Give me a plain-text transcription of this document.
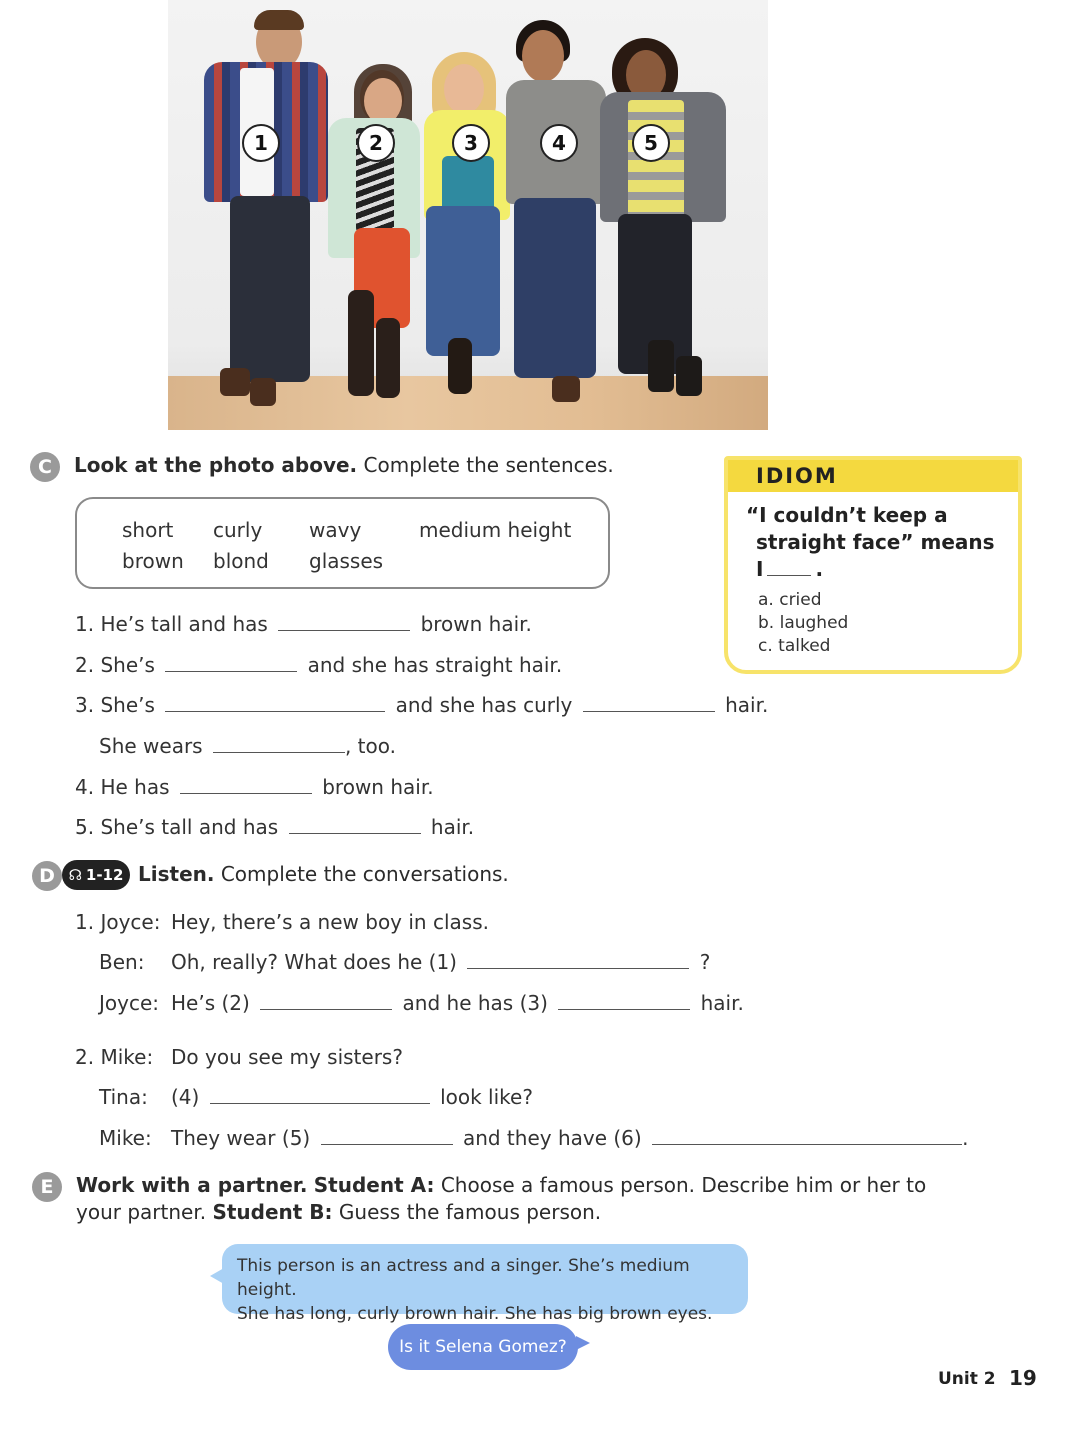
1	2	3	4	5
C	Look at the photo above. Complete the sentences.
short curly wavy	medium height
brown blond glasses
1. He’s tall and has	brown hair.
2. She’s	and she has straight hair.
3. She’s	and she has curly	hair.
She wears	, too.
4. He has	brown hair.
5. She’s tall and has	hair.
IDIOM
“I couldn’t keep a
straight face” means
I	.
a. cried
b. laughed
c. talked
D ☊ 1-12 Listen. Complete the conversations.
1. Joyce: Hey, there’s a new boy in class.
Ben: Oh, really? What does he (1)	?
Joyce: He’s (2)	and he has (3)	hair.
2. Mike: Do you see my sisters?
Tina: (4)	look like?
Mike: They wear (5)	and they have (6)	.
E	Work with a partner. Student A: Choose a famous person. Describe him or her to
your partner. Student B: Guess the famous person.
This person is an actress and a singer. She’s medium height.
She has long, curly brown hair. She has big brown eyes.
Is it Selena Gomez?
Unit 2 19
